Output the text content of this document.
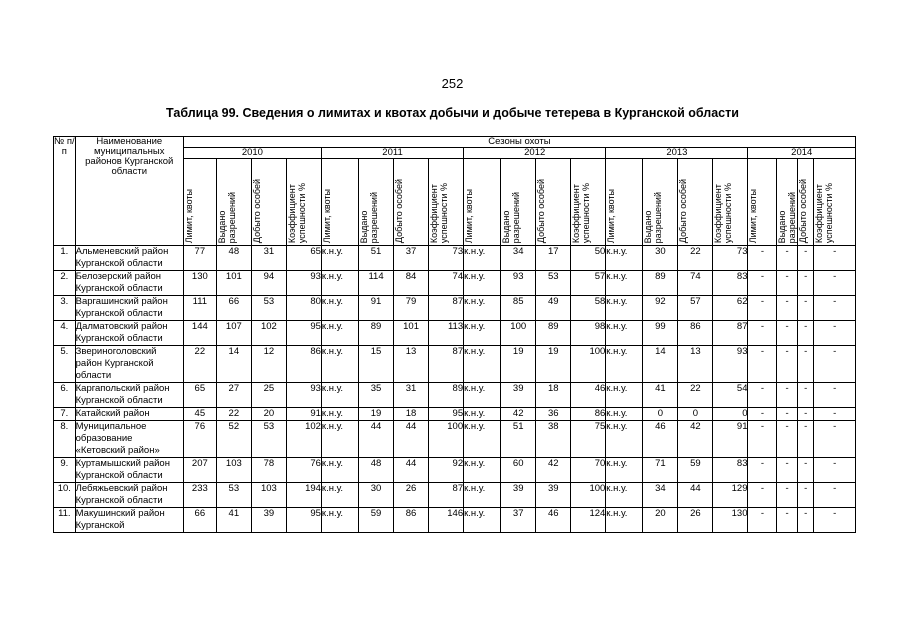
252
Таблица 99. Сведения о лимитах и квотах добычи и добыче тетерева в Курганской области
№ п/п	Наименование муниципальных районов Курганской области	Сезоны охоты																			
		2010				2011				2012				2013				2014			

		Лимит, квоты	Выдано
разрешений	Добыто особей	Коэффициент
успешности %	Лимит, квоты	Выдано
разрешений	Добыто особей	Коэффициент
успешности %	Лимит, квоты	Выдано
разрешений	Добыто особей	Коэффициент
успешности %	Лимит, квоты	Выдано
разрешений	Добыто особей	Коэффициент
успешности %	Лимит, квоты	Выдано
разрешений	Добыто особей	Коэффициент
успешности %

1.	Альменевский район Курганской области	77	48	31	65	к.н.у.	51	37	73	к.н.у.	34	17	50	к.н.у.	30	22	73	-	-	-	-
2.	Белозерский район Курганской области	130	101	94	93	к.н.у.	114	84	74	к.н.у.	93	53	57	к.н.у.	89	74	83	-	-	-	-
3.	Варгашинский район Курганской области	111	66	53	80	к.н.у.	91	79	87	к.н.у.	85	49	58	к.н.у.	92	57	62	-	-	-	-
4.	Далматовский район Курганской области	144	107	102	95	к.н.у.	89	101	113	к.н.у.	100	89	98	к.н.у.	99	86	87	-	-	-	-
5.	Звериноголовский район Курганской области	22	14	12	86	к.н.у.	15	13	87	к.н.у.	19	19	100	к.н.у.	14	13	93	-	-	-	-
6.	Каргапольский район Курганской области	65	27	25	93	к.н.у.	35	31	89	к.н.у.	39	18	46	к.н.у.	41	22	54	-	-	-	-
7.	Катайский район	45	22	20	91	к.н.у.	19	18	95	к.н.у.	42	36	86	к.н.у.	0	0	0	-	-	-	-
8.	Муниципальное образование «Кетовский район»	76	52	53	102	к.н.у.	44	44	100	к.н.у.	51	38	75	к.н.у.	46	42	91	-	-	-	-
9.	Куртамышский район Курганской области	207	103	78	76	к.н.у.	48	44	92	к.н.у.	60	42	70	к.н.у.	71	59	83	-	-	-	-
10.	Лебяжьевский район Курганской области	233	53	103	194	к.н.у.	30	26	87	к.н.у.	39	39	100	к.н.у.	34	44	129	-	-	-	-
11.	Макушинский район Курганской	66	41	39	95	к.н.у.	59	86	146	к.н.у.	37	46	124	к.н.у.	20	26	130	-	-	-	-
